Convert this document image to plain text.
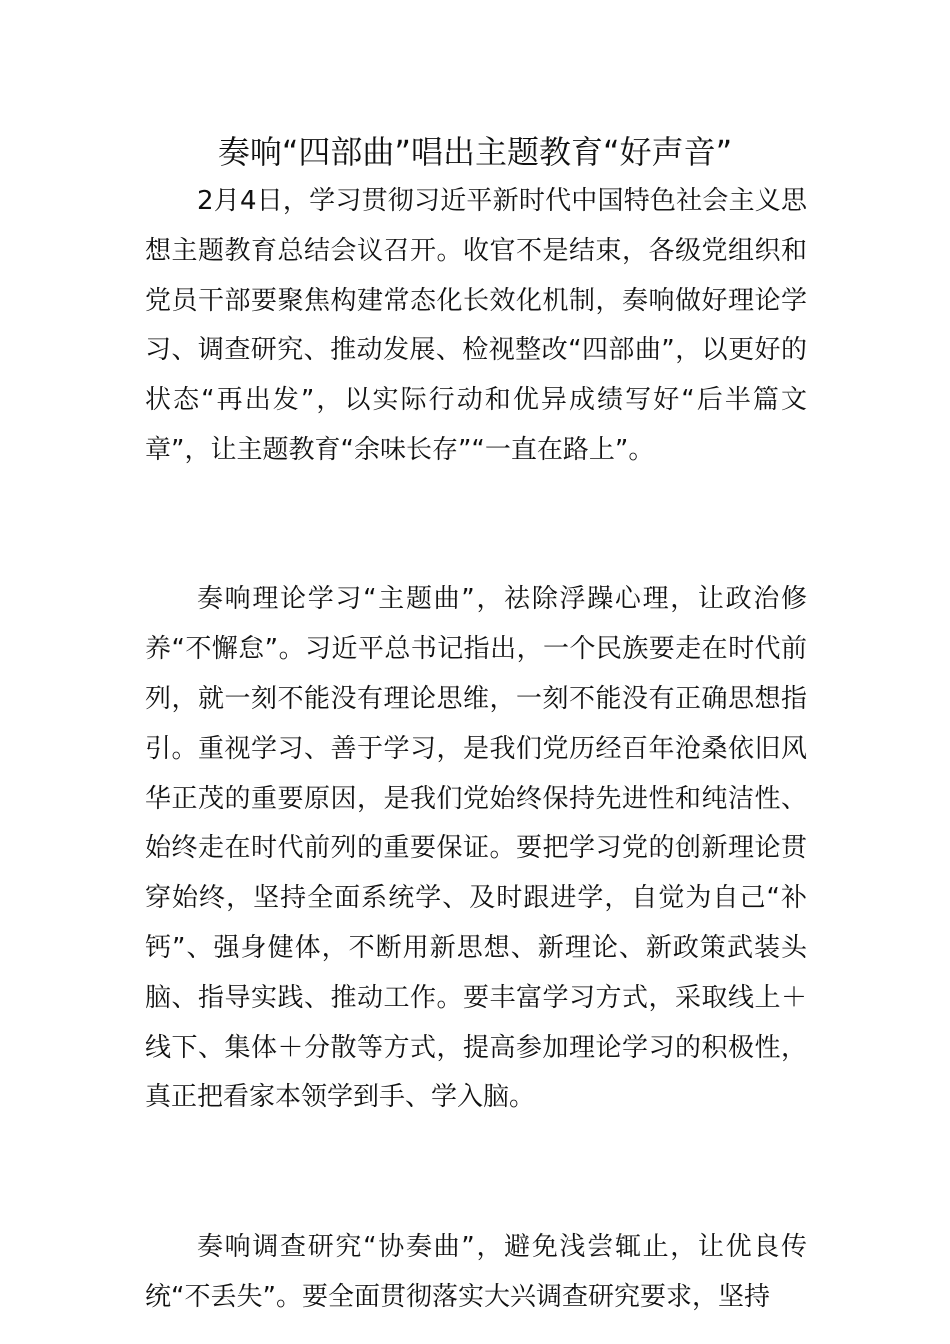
奏响“四部曲”唱出主题教育“好声音”

2月4日，学习贯彻习近平新时代中国特色社会主义思想主题教育总结会议召开。收官不是结束，各级党组织和党员干部要聚焦构建常态化长效化机制，奏响做好理论学习、调查研究、推动发展、检视整改“四部曲”，以更好的状态“再出发”，以实际行动和优异成绩写好“后半篇文章”，让主题教育“余味长存”“一直在路上”。

奏响理论学习“主题曲”，祛除浮躁心理，让政治修养“不懈怠”。习近平总书记指出，一个民族要走在时代前列，就一刻不能没有理论思维，一刻不能没有正确思想指引。重视学习、善于学习，是我们党历经百年沧桑依旧风华正茂的重要原因，是我们党始终保持先进性和纯洁性、始终走在时代前列的重要保证。要把学习党的创新理论贯穿始终，坚持全面系统学、及时跟进学，自觉为自己“补钙”、强身健体，不断用新思想、新理论、新政策武装头脑、指导实践、推动工作。要丰富学习方式，采取线上＋线下、集体＋分散等方式，提高参加理论学习的积极性，真正把看家本领学到手、学入脑。

奏响调查研究“协奏曲”，避免浅尝辄止，让优良传统“不丢失”。要全面贯彻落实大兴调查研究要求，坚持
